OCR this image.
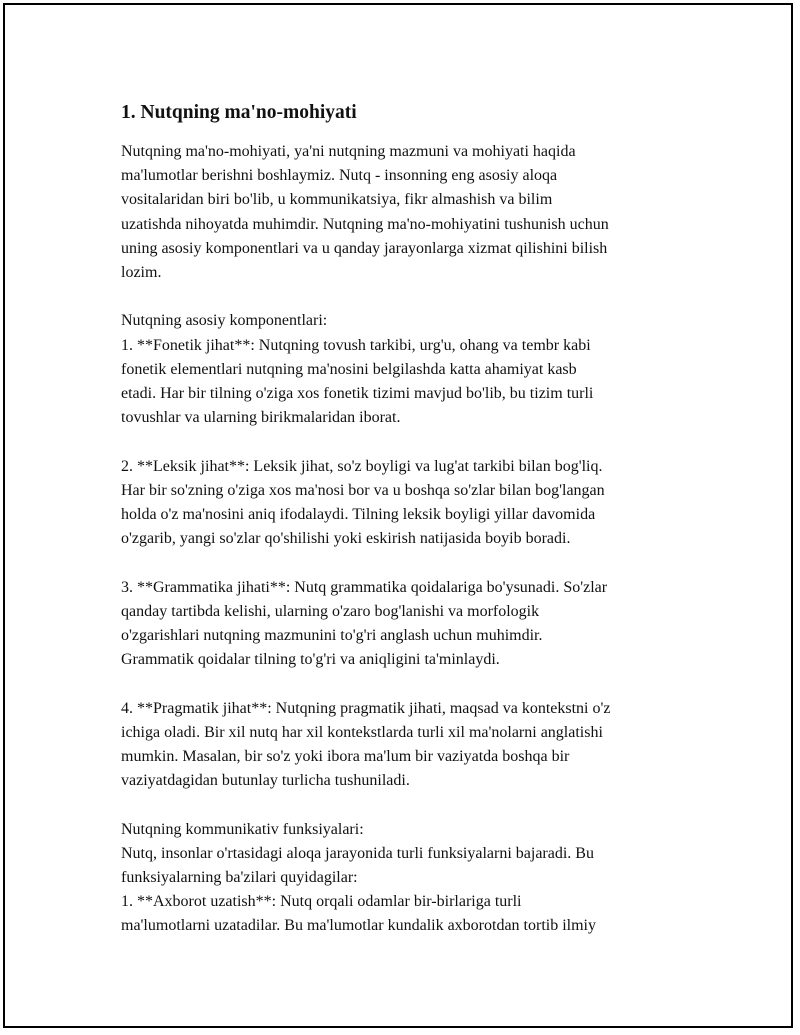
1. Nutqning ma'no-mohiyati
Nutqning ma'no-mohiyati, ya'ni nutqning mazmuni va mohiyati haqida
ma'lumotlar berishni boshlaymiz. Nutq - insonning eng asosiy aloqa
vositalaridan biri bo'lib, u kommunikatsiya, fikr almashish va bilim
uzatishda nihoyatda muhimdir. Nutqning ma'no-mohiyatini tushunish uchun
uning asosiy komponentlari va u qanday jarayonlarga xizmat qilishini bilish
lozim.
Nutqning asosiy komponentlari:
1. **Fonetik jihat**: Nutqning tovush tarkibi, urg'u, ohang va tembr kabi
fonetik elementlari nutqning ma'nosini belgilashda katta ahamiyat kasb
etadi. Har bir tilning o'ziga xos fonetik tizimi mavjud bo'lib, bu tizim turli
tovushlar va ularning birikmalaridan iborat.
2. **Leksik jihat**: Leksik jihat, so'z boyligi va lug'at tarkibi bilan bog'liq.
Har bir so'zning o'ziga xos ma'nosi bor va u boshqa so'zlar bilan bog'langan
holda o'z ma'nosini aniq ifodalaydi. Tilning leksik boyligi yillar davomida
o'zgarib, yangi so'zlar qo'shilishi yoki eskirish natijasida boyib boradi.
3. **Grammatika jihati**: Nutq grammatika qoidalariga bo'ysunadi. So'zlar
qanday tartibda kelishi, ularning o'zaro bog'lanishi va morfologik
o'zgarishlari nutqning mazmunini to'g'ri anglash uchun muhimdir.
Grammatik qoidalar tilning to'g'ri va aniqligini ta'minlaydi.
4. **Pragmatik jihat**: Nutqning pragmatik jihati, maqsad va kontekstni o'z
ichiga oladi. Bir xil nutq har xil kontekstlarda turli xil ma'nolarni anglatishi
mumkin. Masalan, bir so'z yoki ibora ma'lum bir vaziyatda boshqa bir
vaziyatdagidan butunlay turlicha tushuniladi.
Nutqning kommunikativ funksiyalari:
Nutq, insonlar o'rtasidagi aloqa jarayonida turli funksiyalarni bajaradi. Bu
funksiyalarning ba'zilari quyidagilar:
1. **Axborot uzatish**: Nutq orqali odamlar bir-birlariga turli
ma'lumotlarni uzatadilar. Bu ma'lumotlar kundalik axborotdan tortib ilmiy
